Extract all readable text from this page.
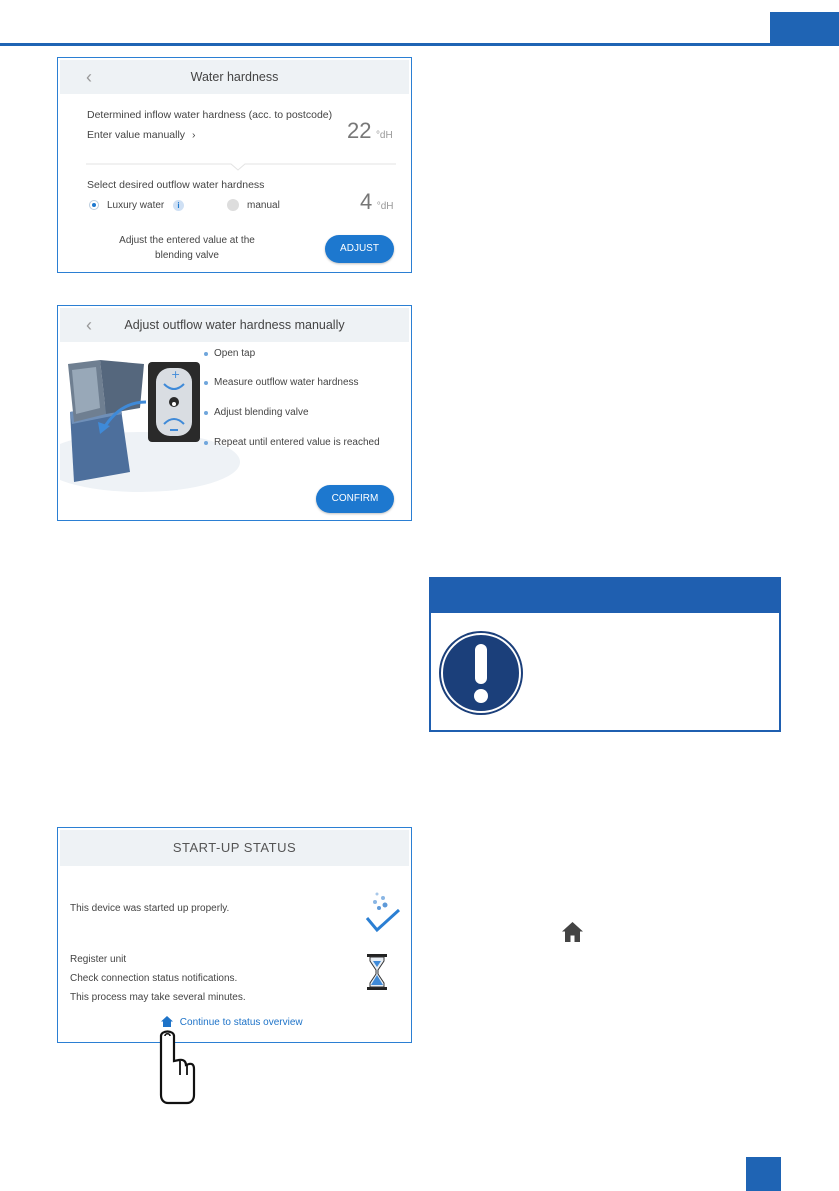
‹	Water hardness
Determined inflow water hardness (acc. to postcode)
Enter value manually ›	22 °dH
Select desired outflow water hardness
Luxury water	i	manual	4 °dH
Adjust the entered value at the
blending valve
ADJUST
‹	Adjust outflow water hardness manually
+
Open tap
Measure outflow water hardness
Adjust blending valve
Repeat until entered value is reached
CONFIRM
START-UP STATUS
This device was started up properly.
Register unit
Check connection status notifications.
This process may take several minutes.
Continue to status overview
